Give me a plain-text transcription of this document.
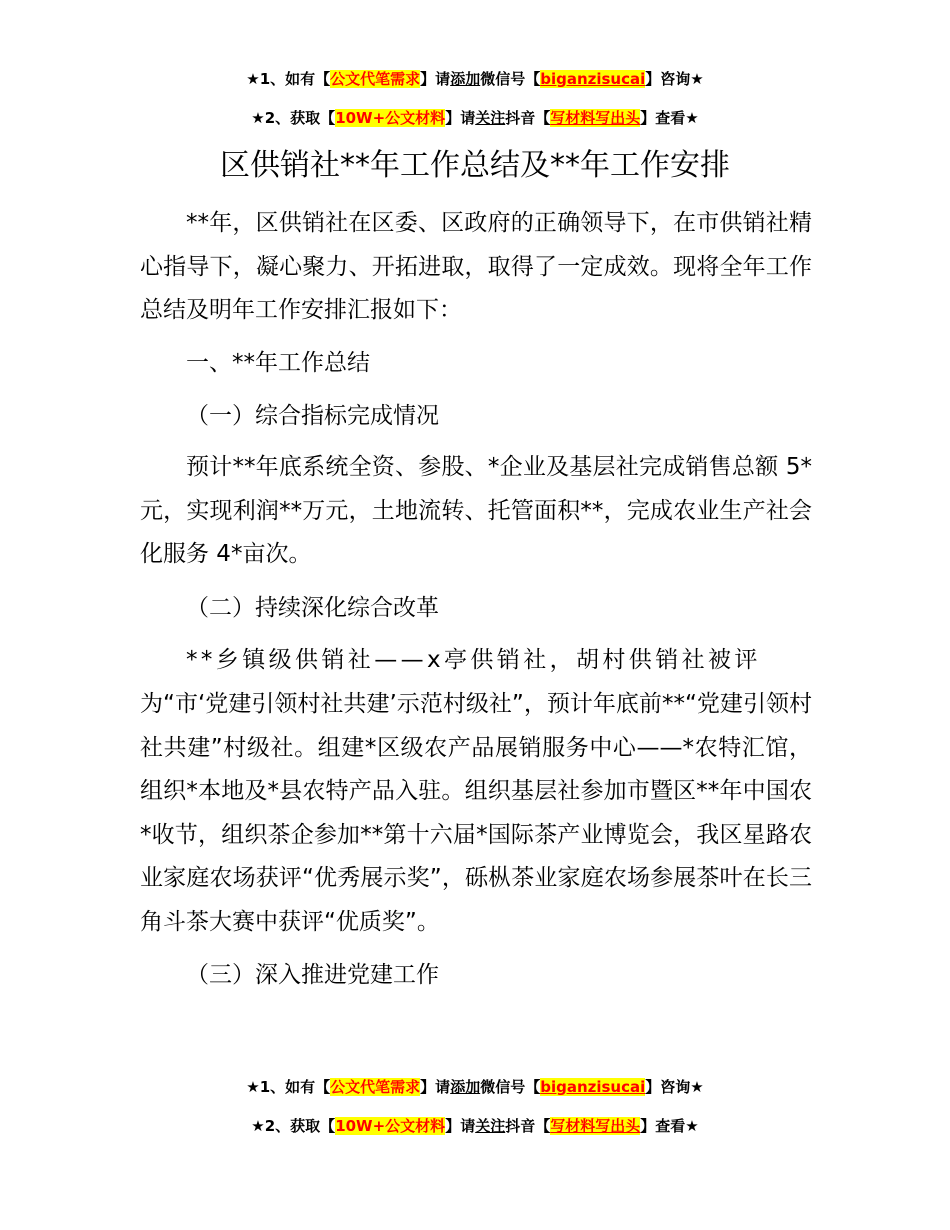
★1、如有【公文代笔需求】请添加微信号【biganzisucai】咨询★
★2、获取【10W+公文材料】请关注抖音【写材料写出头】查看★
区供销社**年工作总结及**年工作安排

**年，区供销社在区委、区政府的正确领导下，在市供销社精心指导下，凝心聚力、开拓进取，取得了一定成效。现将全年工作总结及明年工作安排汇报如下：

一、**年工作总结
（一）综合指标完成情况

预计**年底系统全资、参股、*企业及基层社完成销售总额 5*元，实现利润**万元，土地流转、托管面积**，完成农业生产社会化服务 4*亩次。

（二）持续深化综合改革

**乡镇级供销社——x亭供销社，胡村供销社被评

为“市‘党建引领村社共建’示范村级社”，预计年底前**“党建引领村社共建”村级社。组建*区级农产品展销服务中心——*农特汇馆，组织*本地及*县农特产品入驻。组织基层社参加市暨区**年中国农*收节，组织茶企参加**第十六届*国际茶产业博览会，我区星路农业家庭农场获评“优秀展示奖”，砾枞茶业家庭农场参展茶叶在长三角斗茶大赛中获评“优质奖”。

（三）深入推进党建工作
★1、如有【公文代笔需求】请添加微信号【biganzisucai】咨询★
★2、获取【10W+公文材料】请关注抖音【写材料写出头】查看★
